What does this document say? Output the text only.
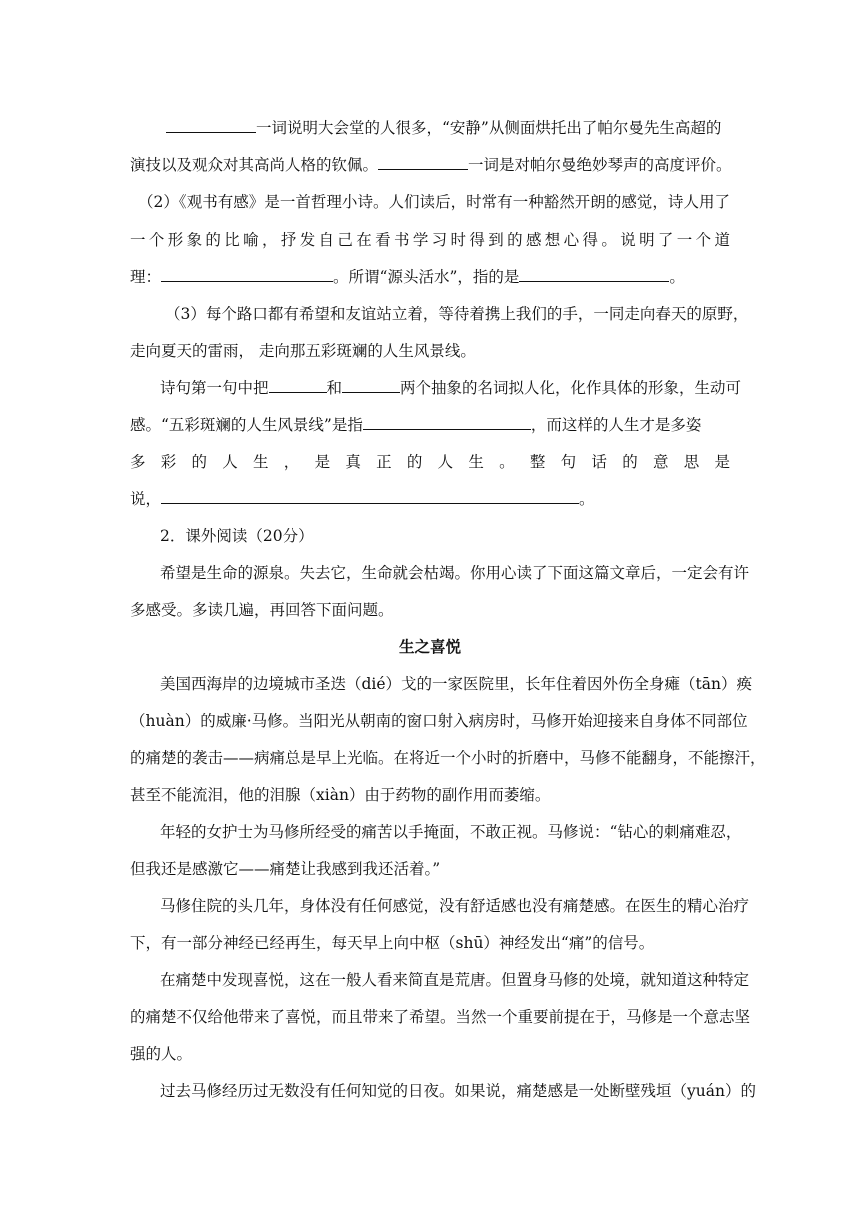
一词说明大会堂的人很多，“安静”从侧面烘托出了帕尔曼先生高超的
演技以及观众对其高尚人格的钦佩。	一词是对帕尔曼绝妙琴声的高度评价。
（2）《观书有感》是一首哲理小诗。人们读后，时常有一种豁然开朗的感觉，诗人用了
一个形象的比喻，抒发自己在看书学习时得到的感想心得。说明了一个道
理：	。所谓“源头活水”，指的是	。
（3）每个路口都有希望和友谊站立着，等待着携上我们的手，一同走向春天的原野，
走向夏天的雷雨， 走向那五彩斑斓的人生风景线。
诗句第一句中把	和	两个抽象的名词拟人化，化作具体的形象，生动可
感。“五彩斑斓的人生风景线”是指	，而这样的人生才是多姿
多彩的人生，是真正的人生。整句话的意思是
说，	。
2．课外阅读（20分）
希望是生命的源泉。失去它，生命就会枯竭。你用心读了下面这篇文章后，一定会有许
多感受。多读几遍，再回答下面问题。
生之喜悦
美国西海岸的边境城市圣迭（dié）戈的一家医院里，长年住着因外伤全身瘫（tān）痪
（huàn）的威廉·马修。当阳光从朝南的窗口射入病房时，马修开始迎接来自身体不同部位
的痛楚的袭击——病痛总是早上光临。在将近一个小时的折磨中，马修不能翻身，不能擦汗，
甚至不能流泪，他的泪腺（xiàn）由于药物的副作用而萎缩。
年轻的女护士为马修所经受的痛苦以手掩面，不敢正视。马修说：“钻心的刺痛难忍，
但我还是感激它——痛楚让我感到我还活着。”
马修住院的头几年，身体没有任何感觉，没有舒适感也没有痛楚感。在医生的精心治疗
下，有一部分神经已经再生，每天早上向中枢（shū）神经发出“痛”的信号。
在痛楚中发现喜悦，这在一般人看来简直是荒唐。但置身马修的处境，就知道这种特定
的痛楚不仅给他带来了喜悦，而且带来了希望。当然一个重要前提在于，马修是一个意志坚
强的人。
过去马修经历过无数没有任何知觉的日夜。如果说，痛楚感是一处断壁残垣（yuán）的
